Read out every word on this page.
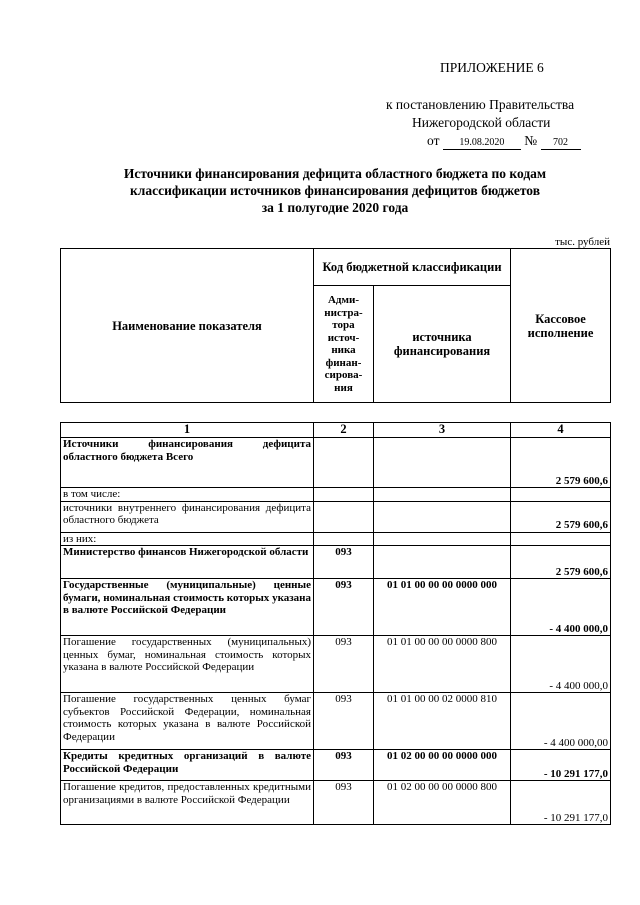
ПРИЛОЖЕНИЕ 6
к постановлению Правительства
Нижегородской области
от 19.08.2020 № 702
Источники финансирования дефицита областного бюджета по кодам
классификации источников финансирования дефицитов бюджетов
за 1 полугодие 2020 года
тыс. рублей
Наименование показателя	Код бюджетной классификации		Кассовое исполнение
	Адми-нистра-тора источ-ника финан-сирова-ния	источника финансирования	
1	2	3	4
Источники финансирования дефицита областного бюджета Всего			2 579 600,6
в том числе:			
источники внутреннего финансирования дефицита областного бюджета			2 579 600,6
из них:			
Министерство финансов Нижегородской области	093		2 579 600,6
Государственные (муниципальные) ценные бумаги, номинальная стоимость которых указана в валюте Российской Федерации	093	01 01 00 00 00 0000 000	- 4 400 000,0
Погашение государственных (муниципальных) ценных бумаг, номинальная стоимость которых указана в валюте Российской Федерации	093	01 01 00 00 00 0000 800	- 4 400 000,0
Погашение государственных ценных бумаг субъектов Российской Федерации, номинальная стоимость которых указана в валюте Российской Федерации	093	01 01 00 00 02 0000 810	- 4 400 000,00
Кредиты кредитных организаций в валюте Российской Федерации	093	01 02 00 00 00 0000 000	- 10 291 177,0
Погашение кредитов, предоставленных кредитными организациями в валюте Российской Федерации	093	01 02 00 00 00 0000 800	- 10 291 177,0
